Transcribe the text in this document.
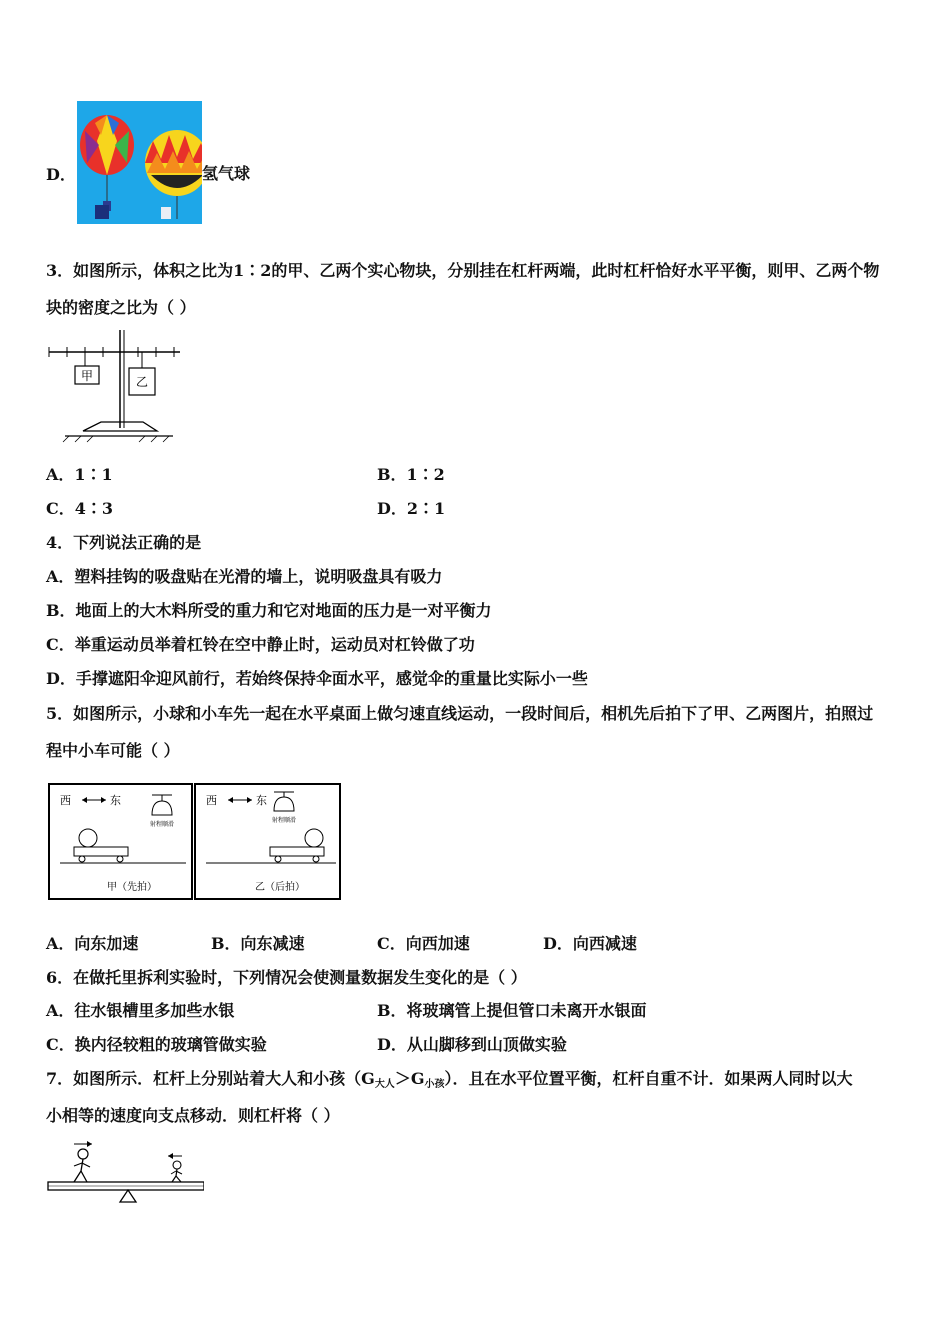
D．	氢气球
3．如图所示，体积之比为1∶2的甲、乙两个实心物块，分别挂在杠杆两端，此时杠杆恰好水平平衡，则甲、乙两个物
块的密度之比为（ ）
甲	乙
A．1∶1	B．1∶2
C．4∶3	D．2∶1
4．下列说法正确的是
A．塑料挂钩的吸盘贴在光滑的墙上，说明吸盘具有吸力
B．地面上的大木料所受的重力和它对地面的压力是一对平衡力
C．举重运动员举着杠铃在空中静止时，运动员对杠铃做了功
D．手撑遮阳伞迎风前行，若始终保持伞面水平，感觉伞的重量比实际小一些
5．如图所示，小球和小车先一起在水平桌面上做匀速直线运动，一段时间后，相机先后拍下了甲、乙两图片，拍照过
程中小车可能（ ）
西	东
射程顺滑
甲（先拍）
西	东
射程顺滑
乙（后拍）
A．向东加速	B．向东减速	C．向西加速	D．向西减速
6．在做托里拆利实验时，下列情况会使测量数据发生变化的是（ ）
A．往水银槽里多加些水银	B．将玻璃管上提但管口未离开水银面
C．换内径较粗的玻璃管做实验	D．从山脚移到山顶做实验
7．如图所示．杠杆上分别站着大人和小孩$(G_{大人}>G_{小孩})$．且在水平位置平衡，杠杆自重不计．如果两人同时以大
小相等的速度向支点移动．则杠杆将（ ）
